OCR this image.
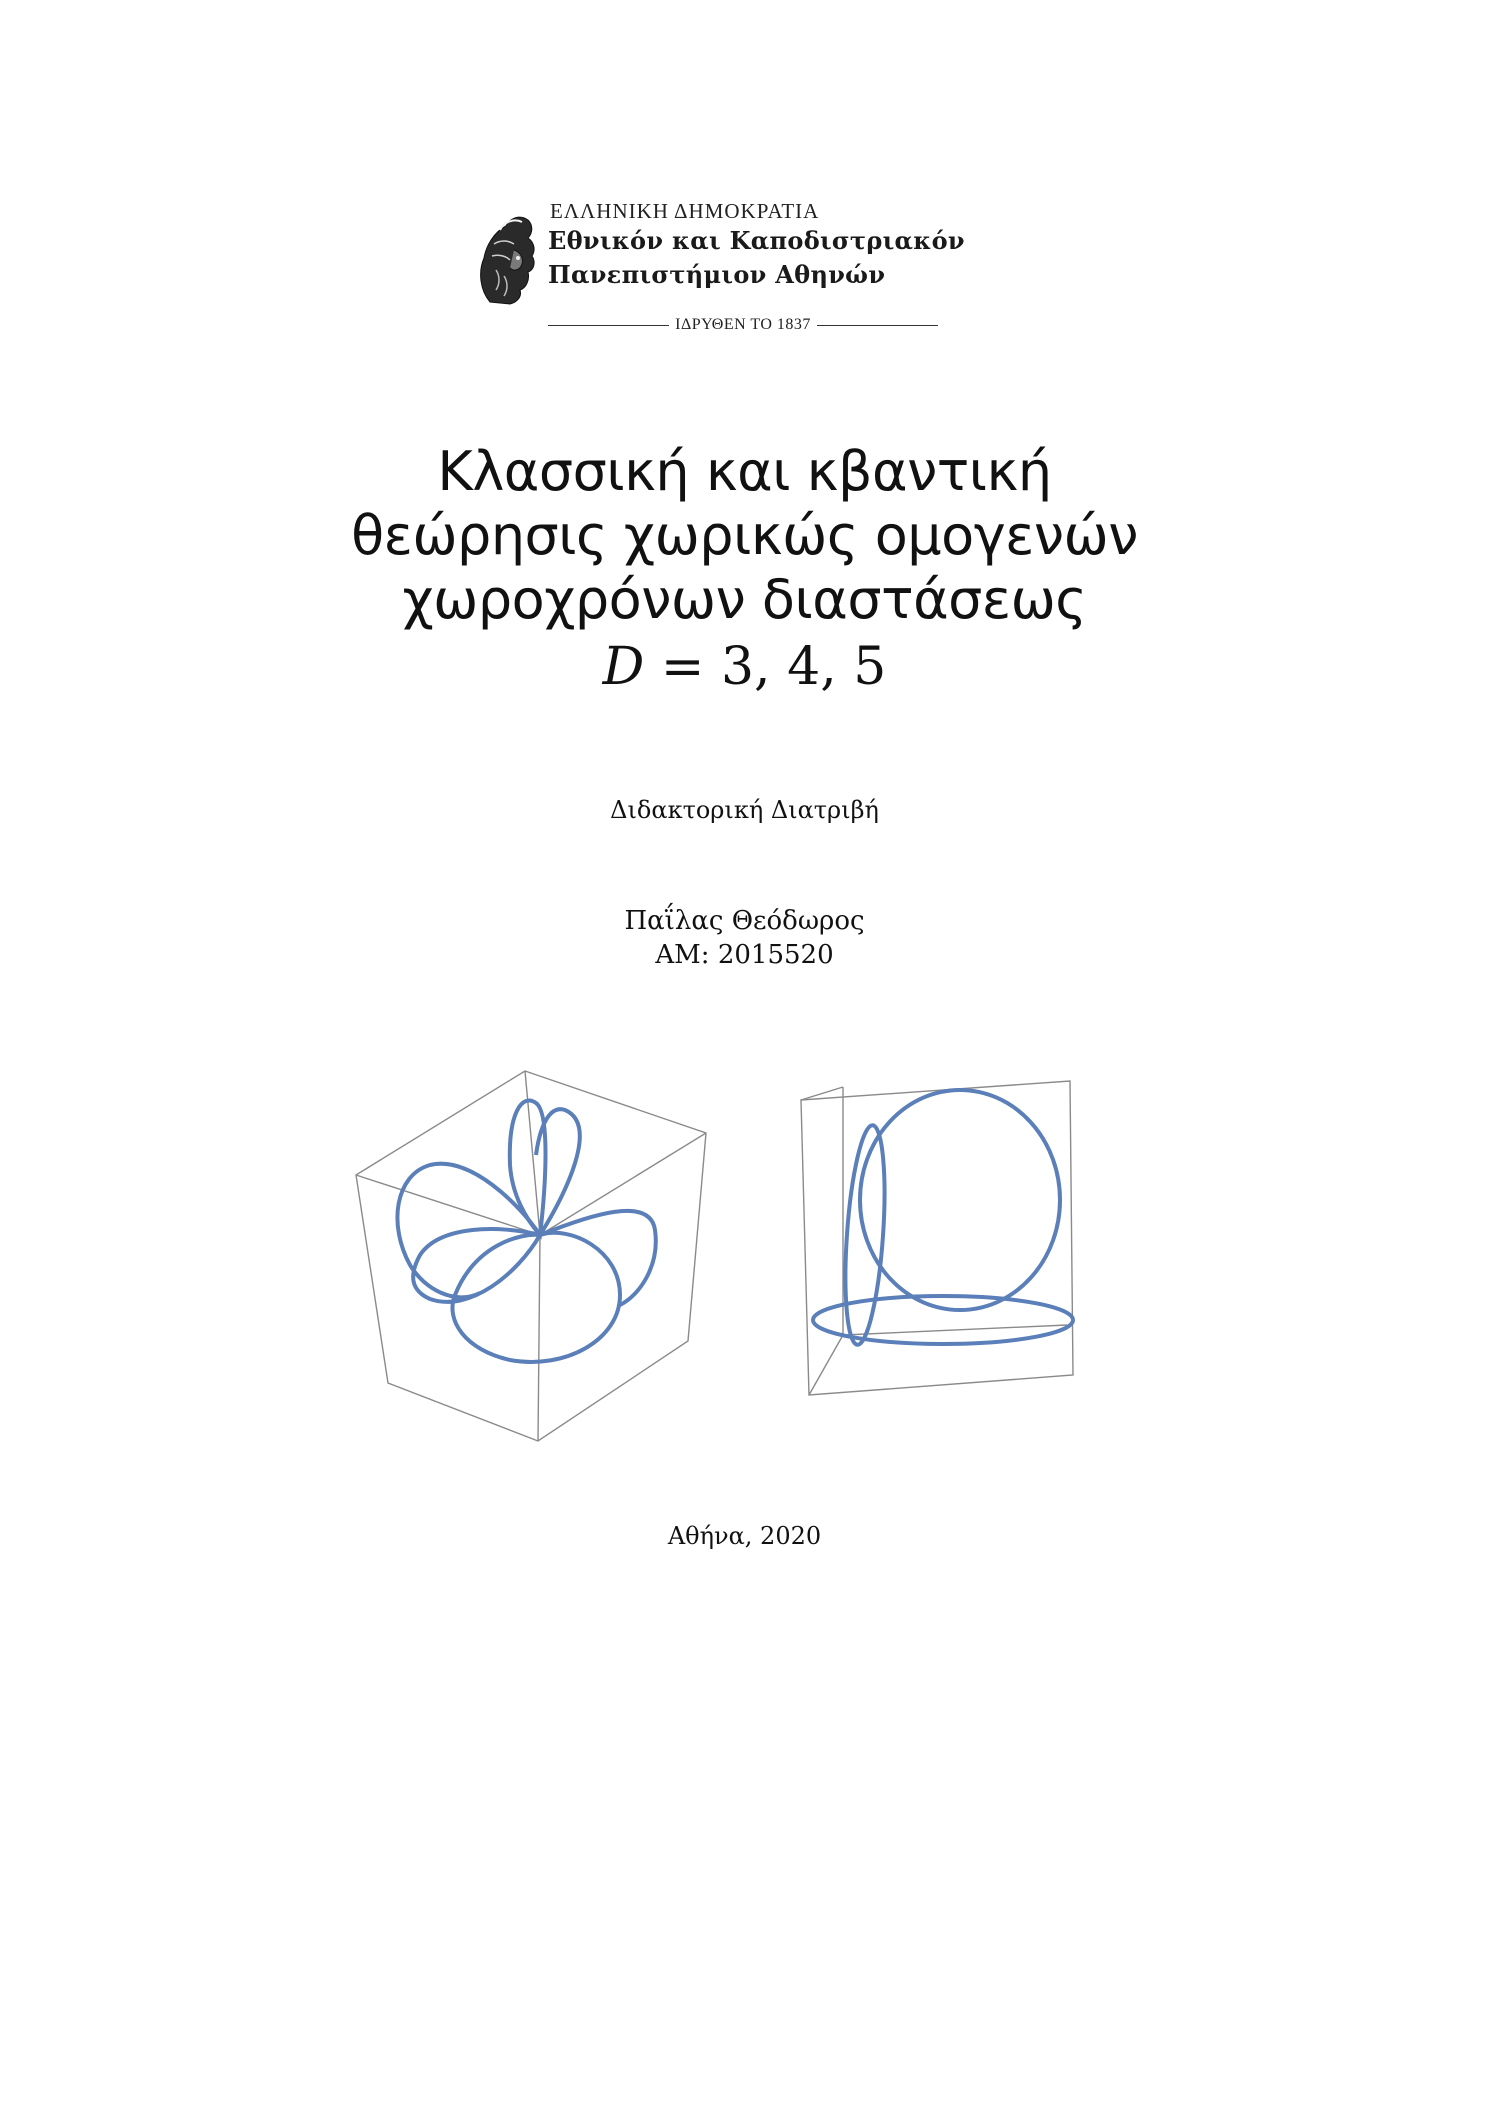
ΕΛΛΗΝΙΚΗ ΔΗΜΟΚΡΑΤΙΑ
Εθνικόν και Καποδιστριακόν
Πανεπιστήμιον Αθηνών
ΙΔΡΥΘΕΝ ΤΟ 1837
Κλασσική και κβαντική
θεώρησις χωρικώς ομογενών
χωροχρόνων διαστάσεως
D = 3, 4, 5
Διδακτορική Διατριβή
Παΐλας Θεόδωρος
AM: 2015520
Αθήνα, 2020
